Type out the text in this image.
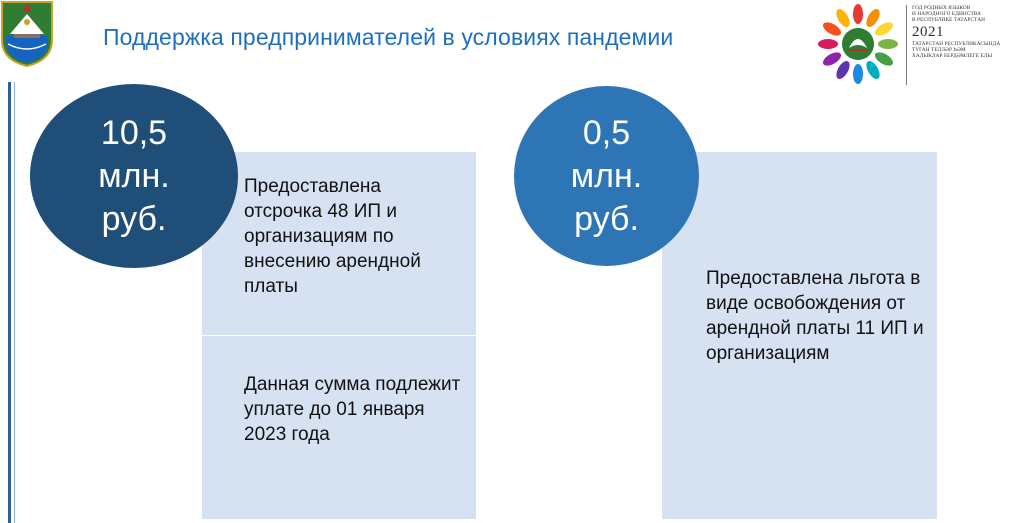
Поддержка предпринимателей в условиях пандемии
ГОД РОДНЫХ ЯЗЫКОВ
И НАРОДНОГО ЕДИНСТВА
В РЕСПУБЛИКЕ ТАТАРСТАН
2021
ТАТАРСТАН РЕСПУБЛИКАСЫНДА
ТУГАН ТЕЛЛӘР ҺӘМ
ХАЛЫКЛАР БЕРДӘМЛЕГЕ ЕЛЫ
Предоставлена отсрочка 48 ИП и организациям по внесению арендной платы
Данная сумма подлежит уплате до 01 января 2023 года
Предоставлена льгота в виде освобождения от арендной платы 11 ИП и организациям
10,5
млн.
руб.
0,5
млн.
руб.
